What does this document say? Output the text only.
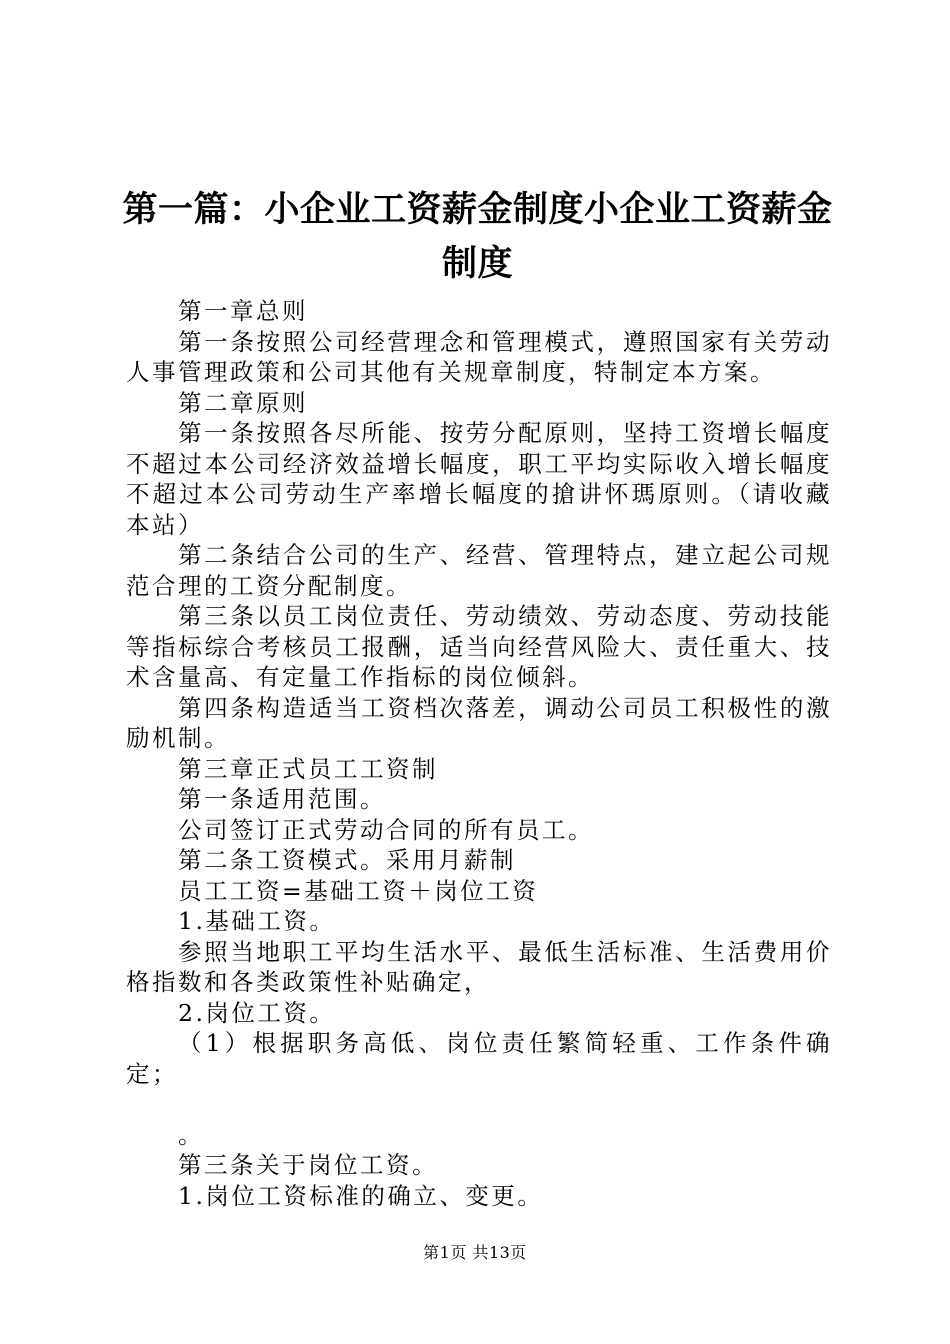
第一篇：小企业工资薪金制度小企业工资薪金制度

第一章总则

第一条按照公司经营理念和管理模式，遵照国家有关劳动人事管理政策和公司其他有关规章制度，特制定本方案。

第二章原则

第一条按照各尽所能、按劳分配原则，坚持工资增长幅度不超过本公司经济效益增长幅度，职工平均实际收入增长幅度不超过本公司劳动生产率增长幅度的搶讲怀瑪原则。（请收藏本站）

第二条结合公司的生产、经营、管理特点，建立起公司规范合理的工资分配制度。

第三条以员工岗位责任、劳动绩效、劳动态度、劳动技能等指标综合考核员工报酬，适当向经营风险大、责任重大、技术含量高、有定量工作指标的岗位倾斜。

第四条构造适当工资档次落差，调动公司员工积极性的激励机制。

第三章正式员工工资制

第一条适用范围。

公司签订正式劳动合同的所有员工。

第二条工资模式。采用月薪制

员工工资=基础工资＋岗位工资

1.基础工资。

参照当地职工平均生活水平、最低生活标准、生活费用价格指数和各类政策性补贴确定，

2.岗位工资。

（1）根据职务高低、岗位责任繁简轻重、工作条件确定；

。

第三条关于岗位工资。

1.岗位工资标准的确立、变更。

第1页 共13页
